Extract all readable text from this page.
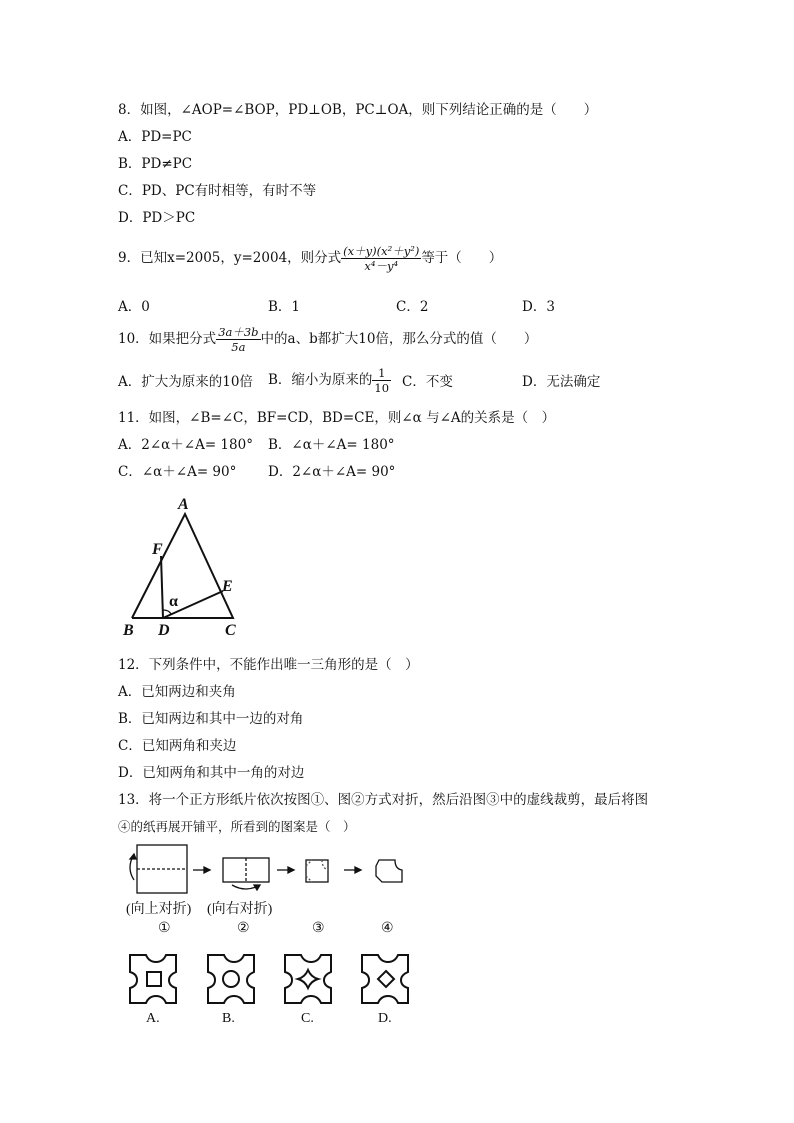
8．如图，∠AOP=∠BOP，PD⊥OB，PC⊥OA，则下列结论正确的是（　　）
A．PD=PC
B．PD≠PC
C．PD、PC有时相等，有时不等
D．PD＞PC
9．已知x=2005，y=2004，则分式 $\frac{\text{(x＋y)(x²＋y²)}}{\text{x⁴－y⁴}}$ 等于（　　）
A．0	B．1	C．2	D．3
10．如果把分式 $\frac{3a+3b}{5a}$ 中的a、b都扩大10倍，那么分式的值（　　）
A．扩大为原来的10倍 B．缩小为原来的 $\frac{1}{10}$ C．不变	D．无法确定
11．如图，∠B=∠C，BF=CD，BD=CE，则∠α 与∠A的关系是（　）
A．2∠α＋∠A= 180° B．∠α＋∠A= 180°
C．∠α＋∠A= 90° D．2∠α＋∠A= 90°
A
F
E
B D	C
α
12．下列条件中，不能作出唯一三角形的是（　）
A．已知两边和夹角
B．已知两边和其中一边的对角
C．已知两角和夹边
D．已知两角和其中一角的对边
13．将一个正方形纸片依次按图①、图②方式对折，然后沿图③中的虚线裁剪，最后将图
④的纸再展开铺平，所看到的图案是（　）
(向上对折) (向右对折)
①	②	③	④
A.	B.	C.	D.
